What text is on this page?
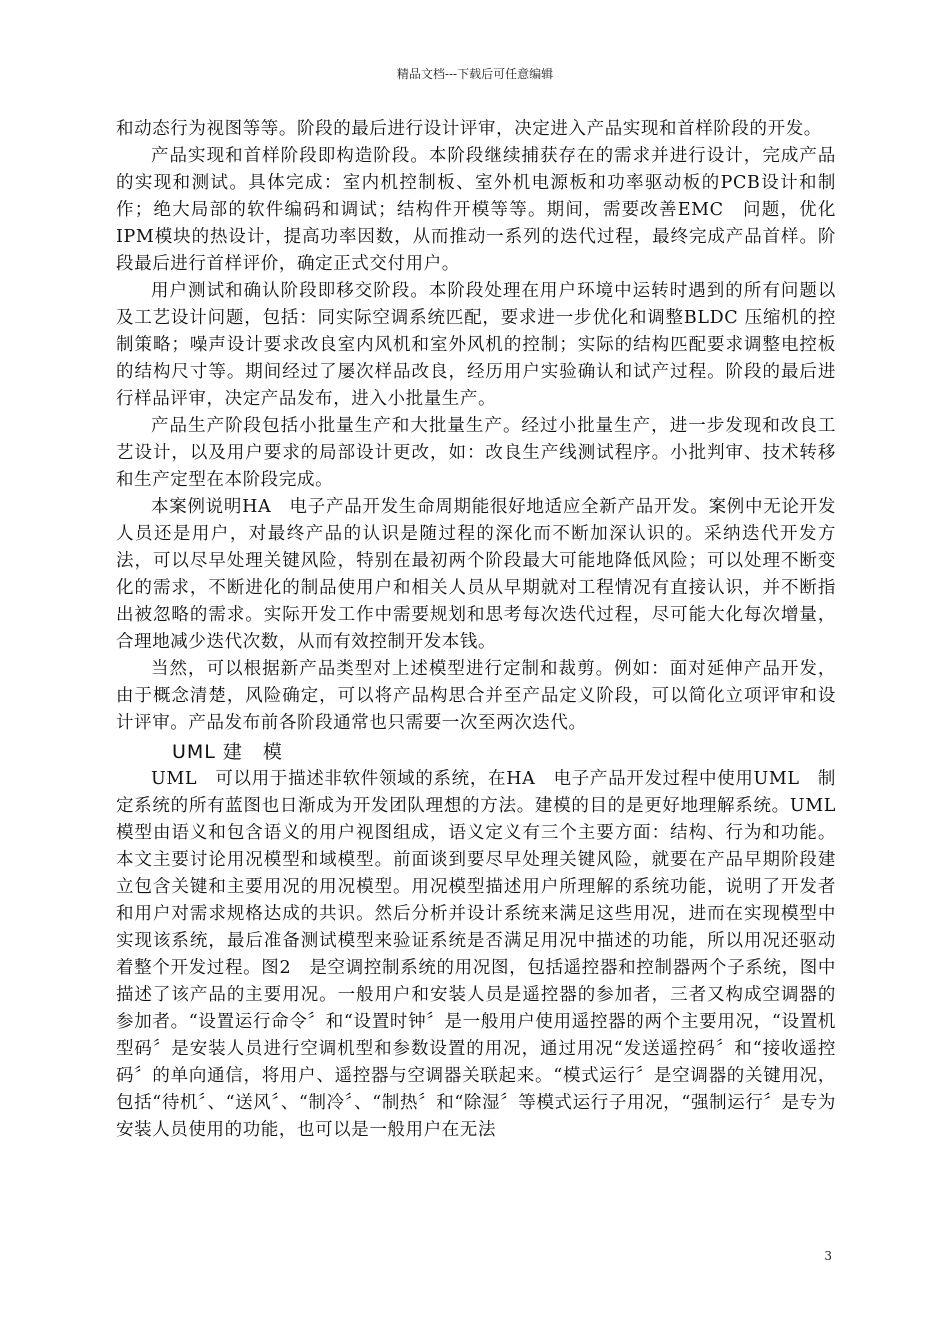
精品文档---下载后可任意编辑

和动态行为视图等等。阶段的最后进行设计评审，决定进入产品实现和首样阶段的开发。

产品实现和首样阶段即构造阶段。本阶段继续捕获存在的需求并进行设计，完成产品的实现和测试。具体完成：室内机控制板、室外机电源板和功率驱动板的PCB设计和制作；绝大局部的软件编码和调试；结构件开模等等。期间，需要改善EMC　问题，优化IPM模块的热设计，提高功率因数，从而推动一系列的迭代过程，最终完成产品首样。阶段最后进行首样评价，确定正式交付用户。

用户测试和确认阶段即移交阶段。本阶段处理在用户环境中运转时遇到的所有问题以及工艺设计问题，包括：同实际空调系统匹配，要求进一步优化和调整BLDC 压缩机的控制策略；噪声设计要求改良室内风机和室外风机的控制；实际的结构匹配要求调整电控板的结构尺寸等。期间经过了屡次样品改良，经历用户实验确认和试产过程。阶段的最后进行样品评审，决定产品发布，进入小批量生产。

产品生产阶段包括小批量生产和大批量生产。经过小批量生产，进一步发现和改良工艺设计，以及用户要求的局部设计更改，如：改良生产线测试程序。小批判审、技术转移和生产定型在本阶段完成。

本案例说明HA　电子产品开发生命周期能很好地适应全新产品开发。案例中无论开发人员还是用户，对最终产品的认识是随过程的深化而不断加深认识的。采纳迭代开发方法，可以尽早处理关键风险，特别在最初两个阶段最大可能地降低风险；可以处理不断变化的需求，不断进化的制品使用户和相关人员从早期就对工程情况有直接认识，并不断指出被忽略的需求。实际开发工作中需要规划和思考每次迭代过程，尽可能大化每次增量，合理地减少迭代次数，从而有效控制开发本钱。

当然，可以根据新产品类型对上述模型进行定制和裁剪。例如：面对延伸产品开发，由于概念清楚，风险确定，可以将产品构思合并至产品定义阶段，可以简化立项评审和设计评审。产品发布前各阶段通常也只需要一次至两次迭代。

UML 建　模

UML　可以用于描述非软件领域的系统，在HA　电子产品开发过程中使用UML　制定系统的所有蓝图也日渐成为开发团队理想的方法。建模的目的是更好地理解系统。UML　模型由语义和包含语义的用户视图组成，语义定义有三个主要方面：结构、行为和功能。本文主要讨论用况模型和域模型。前面谈到要尽早处理关键风险，就要在产品早期阶段建立包含关键和主要用况的用况模型。用况模型描述用户所理解的系统功能，说明了开发者和用户对需求规格达成的共识。然后分析并设计系统来满足这些用况，进而在实现模型中实现该系统，最后准备测试模型来验证系统是否满足用况中描述的功能，所以用况还驱动着整个开发过程。图2　是空调控制系统的用况图，包括遥控器和控制器两个子系统，图中描述了该产品的主要用况。一般用户和安装人员是遥控器的参加者，三者又构成空调器的参加者。“设置运行命令〞和“设置时钟〞是一般用户使用遥控器的两个主要用况，“设置机型码〞是安装人员进行空调机型和参数设置的用况，通过用况“发送遥控码〞和“接收遥控码〞的单向通信，将用户、遥控器与空调器关联起来。“模式运行〞是空调器的关键用况，包括“待机〞、“送风〞、“制冷〞、“制热〞和“除湿〞等模式运行子用况，“强制运行〞是专为安装人员使用的功能，也可以是一般用户在无法

3
